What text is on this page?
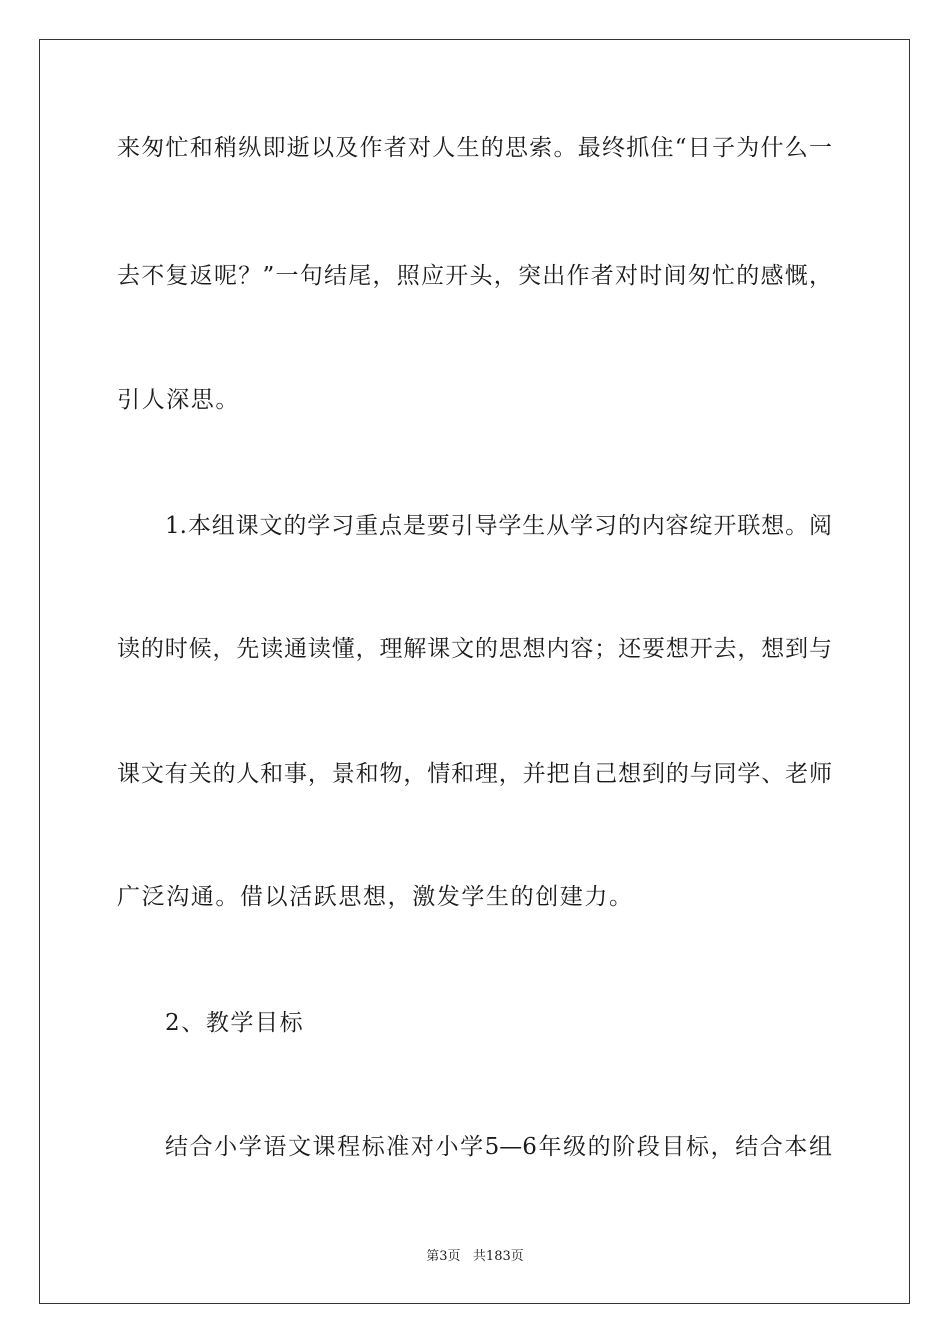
来匆忙和稍纵即逝以及作者对人生的思索。最终抓住“日子为什么一
去不复返呢？”一句结尾，照应开头，突出作者对时间匆忙的感慨，
引人深思。
1.本组课文的学习重点是要引导学生从学习的内容绽开联想。阅
读的时候，先读通读懂，理解课文的思想内容；还要想开去，想到与
课文有关的人和事，景和物，情和理，并把自己想到的与同学、老师
广泛沟通。借以活跃思想，激发学生的创建力。
2、教学目标
结合小学语文课程标准对小学5—6年级的阶段目标，结合本组
第3页 共183页
